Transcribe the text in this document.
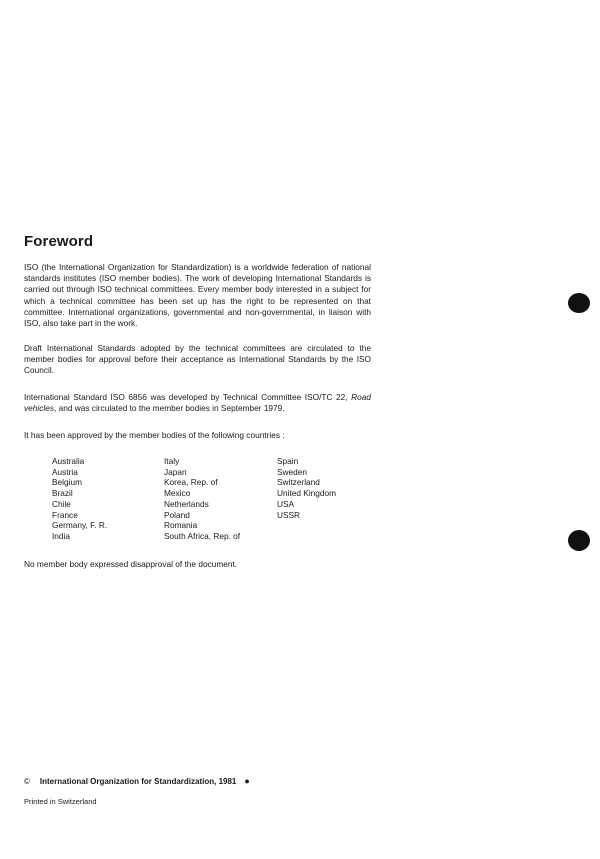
Foreword

ISO (the International Organization for Standardization) is a worldwide federation of national standards institutes (ISO member bodies). The work of developing International Standards is carried out through ISO technical committees. Every member body interested in a subject for which a technical committee has been set up has the right to be represented on that committee. International organizations, governmental and non-governmental, in liaison with ISO, also take part in the work.

Draft International Standards adopted by the technical committees are circulated to the member bodies for approval before their acceptance as International Standards by the ISO Council.

International Standard ISO 6856 was developed by Technical Committee ISO/TC 22, Road vehicles, and was circulated to the member bodies in September 1979.

It has been approved by the member bodies of the following countries :

Australia
Austria
Belgium
Brazil
Chile
France
Germany, F. R.
India
Italy
Japan
Korea, Rep. of
Mexico
Netherlands
Poland
Romania
South Africa, Rep. of
Spain
Sweden
Switzerland
United Kingdom
USA
USSR

No member body expressed disapproval of the document.

© International Organization for Standardization, 1981 ●
Printed in Switzerland
